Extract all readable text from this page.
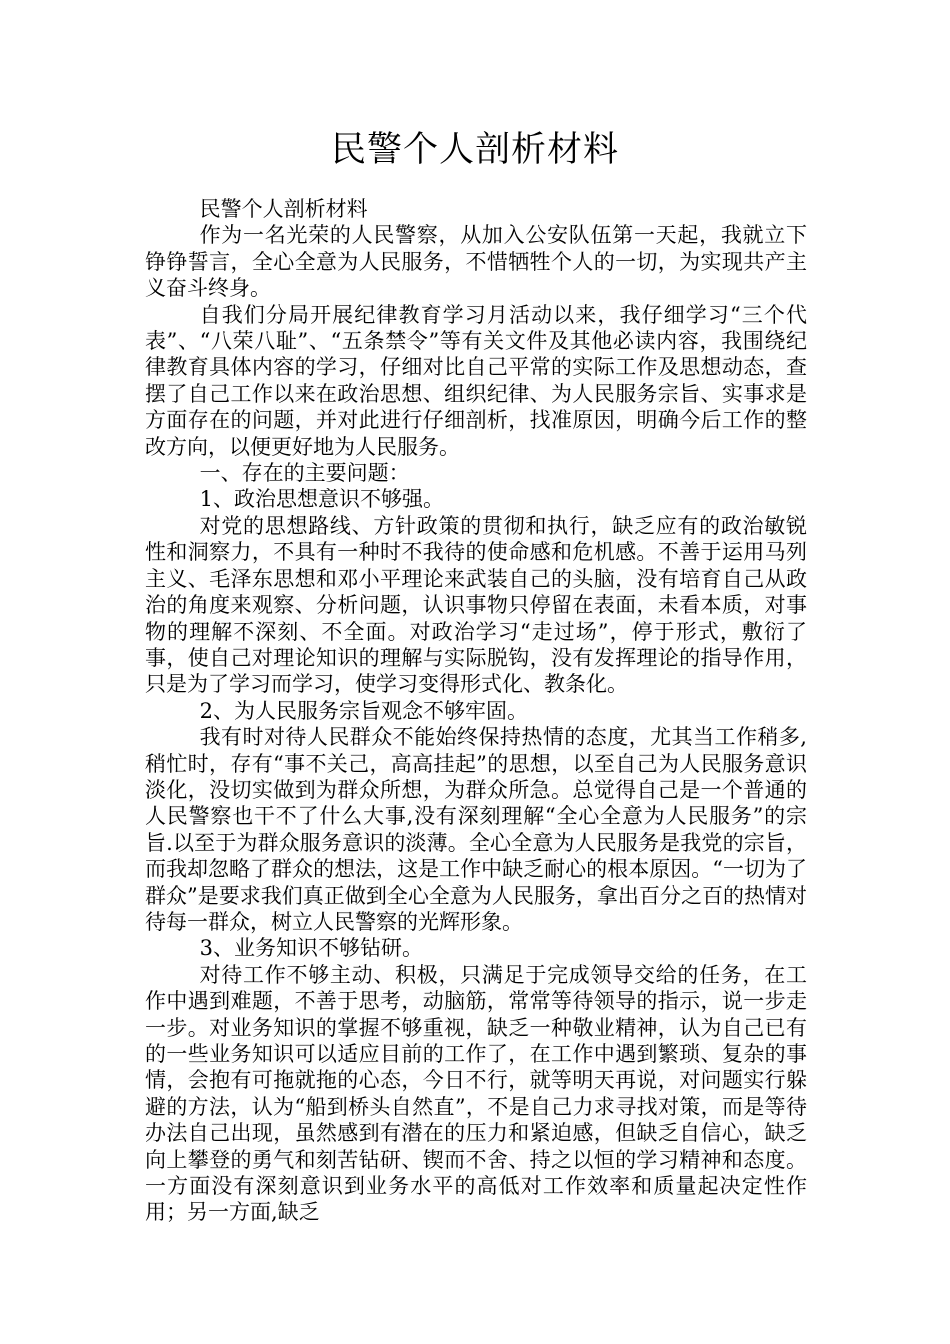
民警个人剖析材料

民警个人剖析材料

作为一名光荣的人民警察，从加入公安队伍第一天起，我就立下铮铮誓言，全心全意为人民服务，不惜牺牲个人的一切，为实现共产主义奋斗终身。

自我们分局开展纪律教育学习月活动以来，我仔细学习“三个代表”、“八荣八耻”、“五条禁令”等有关文件及其他必读内容，我围绕纪律教育具体内容的学习，仔细对比自己平常的实际工作及思想动态，查摆了自己工作以来在政治思想、组织纪律、为人民服务宗旨、实事求是方面存在的问题，并对此进行仔细剖析，找准原因，明确今后工作的整改方向，以便更好地为人民服务。

一、存在的主要问题：

1、政治思想意识不够强。

对党的思想路线、方针政策的贯彻和执行，缺乏应有的政治敏锐性和洞察力，不具有一种时不我待的使命感和危机感。不善于运用马列主义、毛泽东思想和邓小平理论来武装自己的头脑，没有培育自己从政治的角度来观察、分析问题，认识事物只停留在表面，未看本质，对事物的理解不深刻、不全面。对政治学习“走过场”，停于形式，敷衍了事，使自己对理论知识的理解与实际脱钩，没有发挥理论的指导作用，只是为了学习而学习，使学习变得形式化、教条化。

2、为人民服务宗旨观念不够牢固。

我有时对待人民群众不能始终保持热情的态度，尤其当工作稍多,稍忙时，存有“事不关己，高高挂起”的思想，以至自己为人民服务意识淡化，没切实做到为群众所想，为群众所急。总觉得自己是一个普通的人民警察也干不了什么大事,没有深刻理解“全心全意为人民服务”的宗旨.以至于为群众服务意识的淡薄。全心全意为人民服务是我党的宗旨，而我却忽略了群众的想法，这是工作中缺乏耐心的根本原因。“一切为了群众”是要求我们真正做到全心全意为人民服务，拿出百分之百的热情对待每一群众，树立人民警察的光辉形象。

3、业务知识不够钻研。

对待工作不够主动、积极，只满足于完成领导交给的任务，在工作中遇到难题，不善于思考，动脑筋，常常等待领导的指示，说一步走一步。对业务知识的掌握不够重视，缺乏一种敬业精神，认为自己已有的一些业务知识可以适应目前的工作了，在工作中遇到繁琐、复杂的事情，会抱有可拖就拖的心态，今日不行，就等明天再说，对问题实行躲避的方法，认为“船到桥头自然直”，不是自己力求寻找对策，而是等待办法自己出现，虽然感到有潜在的压力和紧迫感，但缺乏自信心，缺乏向上攀登的勇气和刻苦钻研、锲而不舍、持之以恒的学习精神和态度。一方面没有深刻意识到业务水平的高低对工作效率和质量起决定性作用；另一方面,缺乏
